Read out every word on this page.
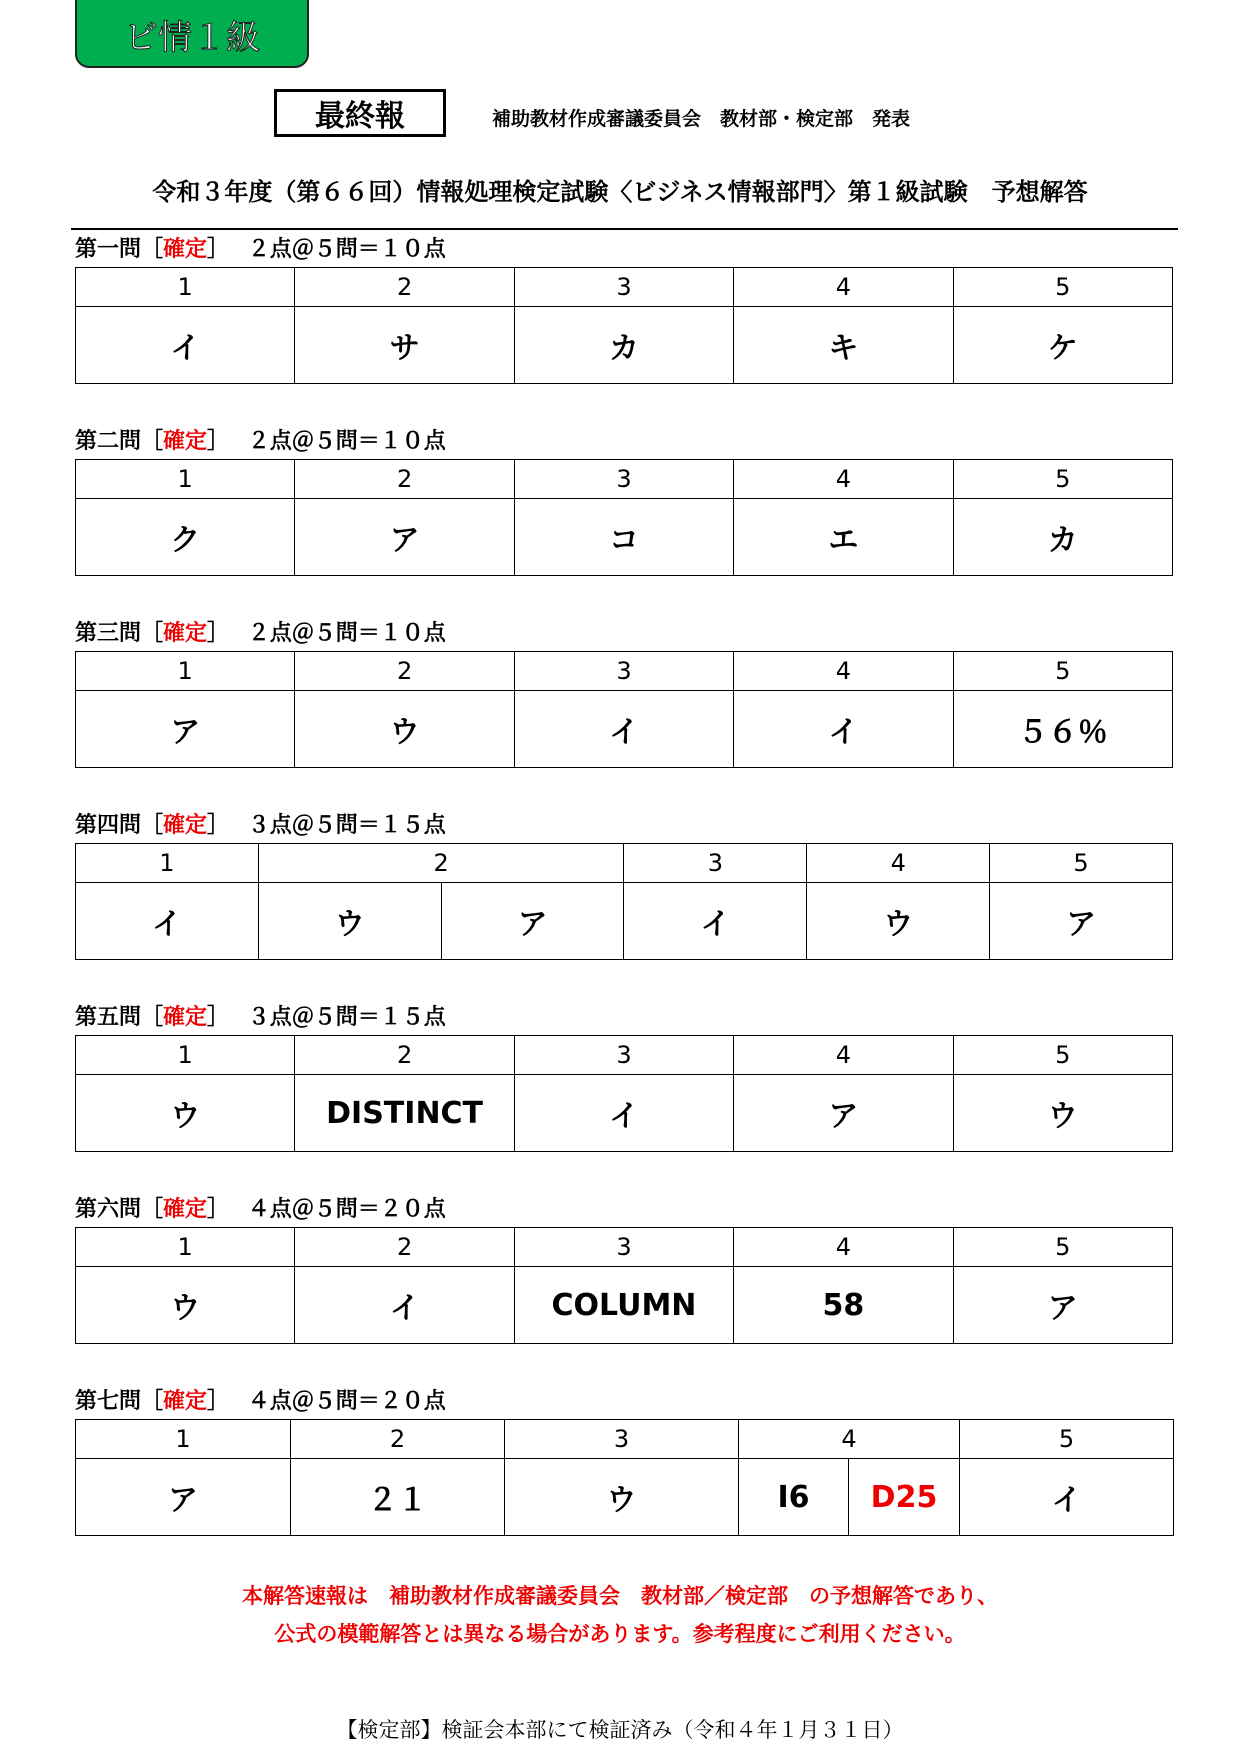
ビ情１級
最終報	補助教材作成審議委員会　教材部・検定部　発表
令和３年度（第６６回）情報処理検定試験〈ビジネス情報部門〉第１級試験　予想解答
第一問［確定］　 ２点＠５問＝１０点
1	2	3	4	5
イ	サ	カ	キ	ケ
第二問［確定］　 ２点＠５問＝１０点
1	2	3	4	5
ク	ア	コ	エ	カ
第三問［確定］　 ２点＠５問＝１０点
1	2	3	4	5
ア	ウ	イ	イ	５６％
第四問［確定］　 ３点＠５問＝１５点
1	2	3	4	5
イ	ウ	ア	イ	ウ	ア
第五問［確定］　 ３点＠５問＝１５点
1	2	3	4	5
ウ	DISTINCT	イ	ア	ウ
第六問［確定］　 ４点＠５問＝２０点
1	2	3	4	5
ウ	イ	COLUMN	58	ア
第七問［確定］　 ４点＠５問＝２０点
1	2	3	4	5
ア	２１	ウ	I6	D25	イ
本解答速報は　補助教材作成審議委員会　教材部／検定部　の予想解答であり、
公式の模範解答とは異なる場合があります。参考程度にご利用ください。
【検定部】検証会本部にて検証済み（令和４年１月３１日）
